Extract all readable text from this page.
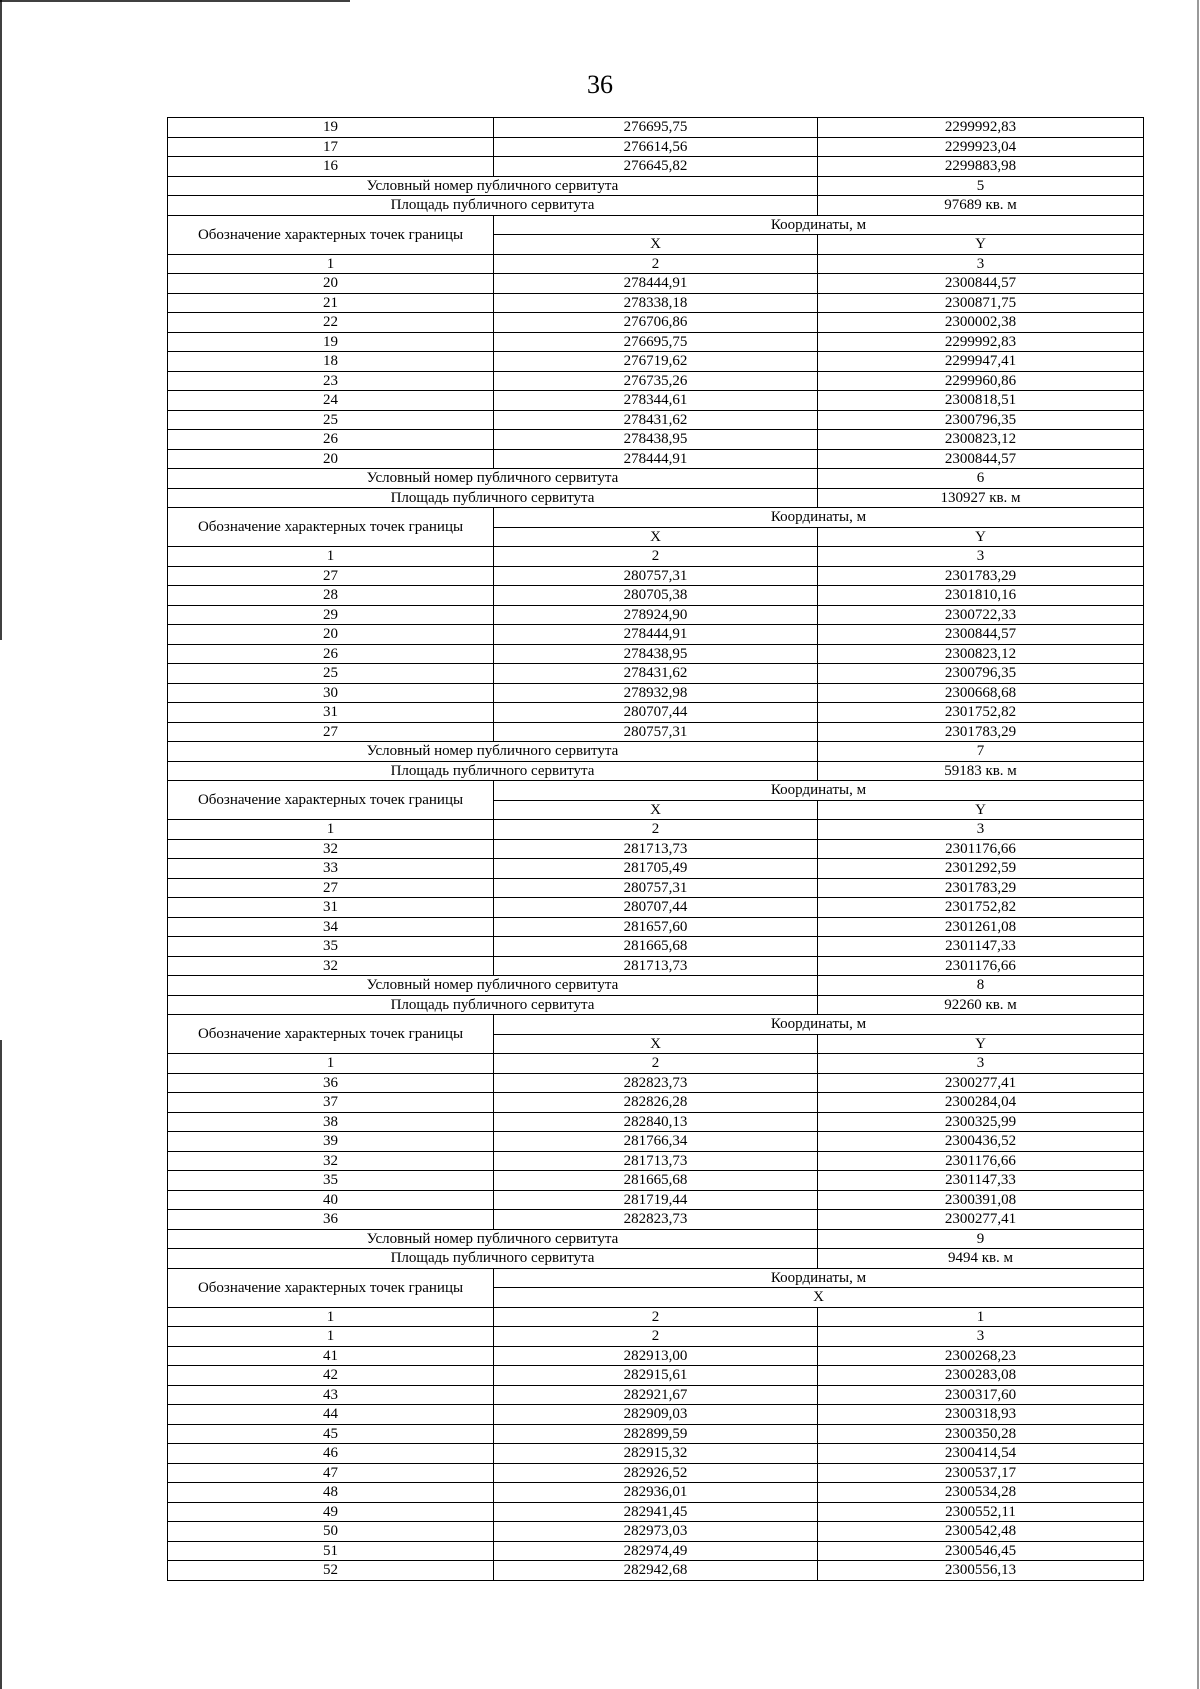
36
19	276695,75	2299992,83
17	276614,56	2299923,04
16	276645,82	2299883,98
Условный номер публичного сервитута		5
Площадь публичного сервитута		97689 кв. м
Обозначение характерных точек границы	Координаты, м	
	X	Y
1	2	3
20	278444,91	2300844,57
21	278338,18	2300871,75
22	276706,86	2300002,38
19	276695,75	2299992,83
18	276719,62	2299947,41
23	276735,26	2299960,86
24	278344,61	2300818,51
25	278431,62	2300796,35
26	278438,95	2300823,12
20	278444,91	2300844,57
Условный номер публичного сервитута		6
Площадь публичного сервитута		130927 кв. м
Обозначение характерных точек границы	Координаты, м	
	X	Y
1	2	3
27	280757,31	2301783,29
28	280705,38	2301810,16
29	278924,90	2300722,33
20	278444,91	2300844,57
26	278438,95	2300823,12
25	278431,62	2300796,35
30	278932,98	2300668,68
31	280707,44	2301752,82
27	280757,31	2301783,29
Условный номер публичного сервитута		7
Площадь публичного сервитута		59183 кв. м
Обозначение характерных точек границы	Координаты, м	
	X	Y
1	2	3
32	281713,73	2301176,66
33	281705,49	2301292,59
27	280757,31	2301783,29
31	280707,44	2301752,82
34	281657,60	2301261,08
35	281665,68	2301147,33
32	281713,73	2301176,66
Условный номер публичного сервитута		8
Площадь публичного сервитута		92260 кв. м
Обозначение характерных точек границы	Координаты, м	
	X	Y
1	2	3
36	282823,73	2300277,41
37	282826,28	2300284,04
38	282840,13	2300325,99
39	281766,34	2300436,52
32	281713,73	2301176,66
35	281665,68	2301147,33
40	281719,44	2300391,08
36	282823,73	2300277,41
Условный номер публичного сервитута		9
Площадь публичного сервитута		9494 кв. м
Обозначение характерных точек границы	Координаты, м	
	X	
1	2	1
1	2	3
41	282913,00	2300268,23
42	282915,61	2300283,08
43	282921,67	2300317,60
44	282909,03	2300318,93
45	282899,59	2300350,28
46	282915,32	2300414,54
47	282926,52	2300537,17
48	282936,01	2300534,28
49	282941,45	2300552,11
50	282973,03	2300542,48
51	282974,49	2300546,45
52	282942,68	2300556,13
